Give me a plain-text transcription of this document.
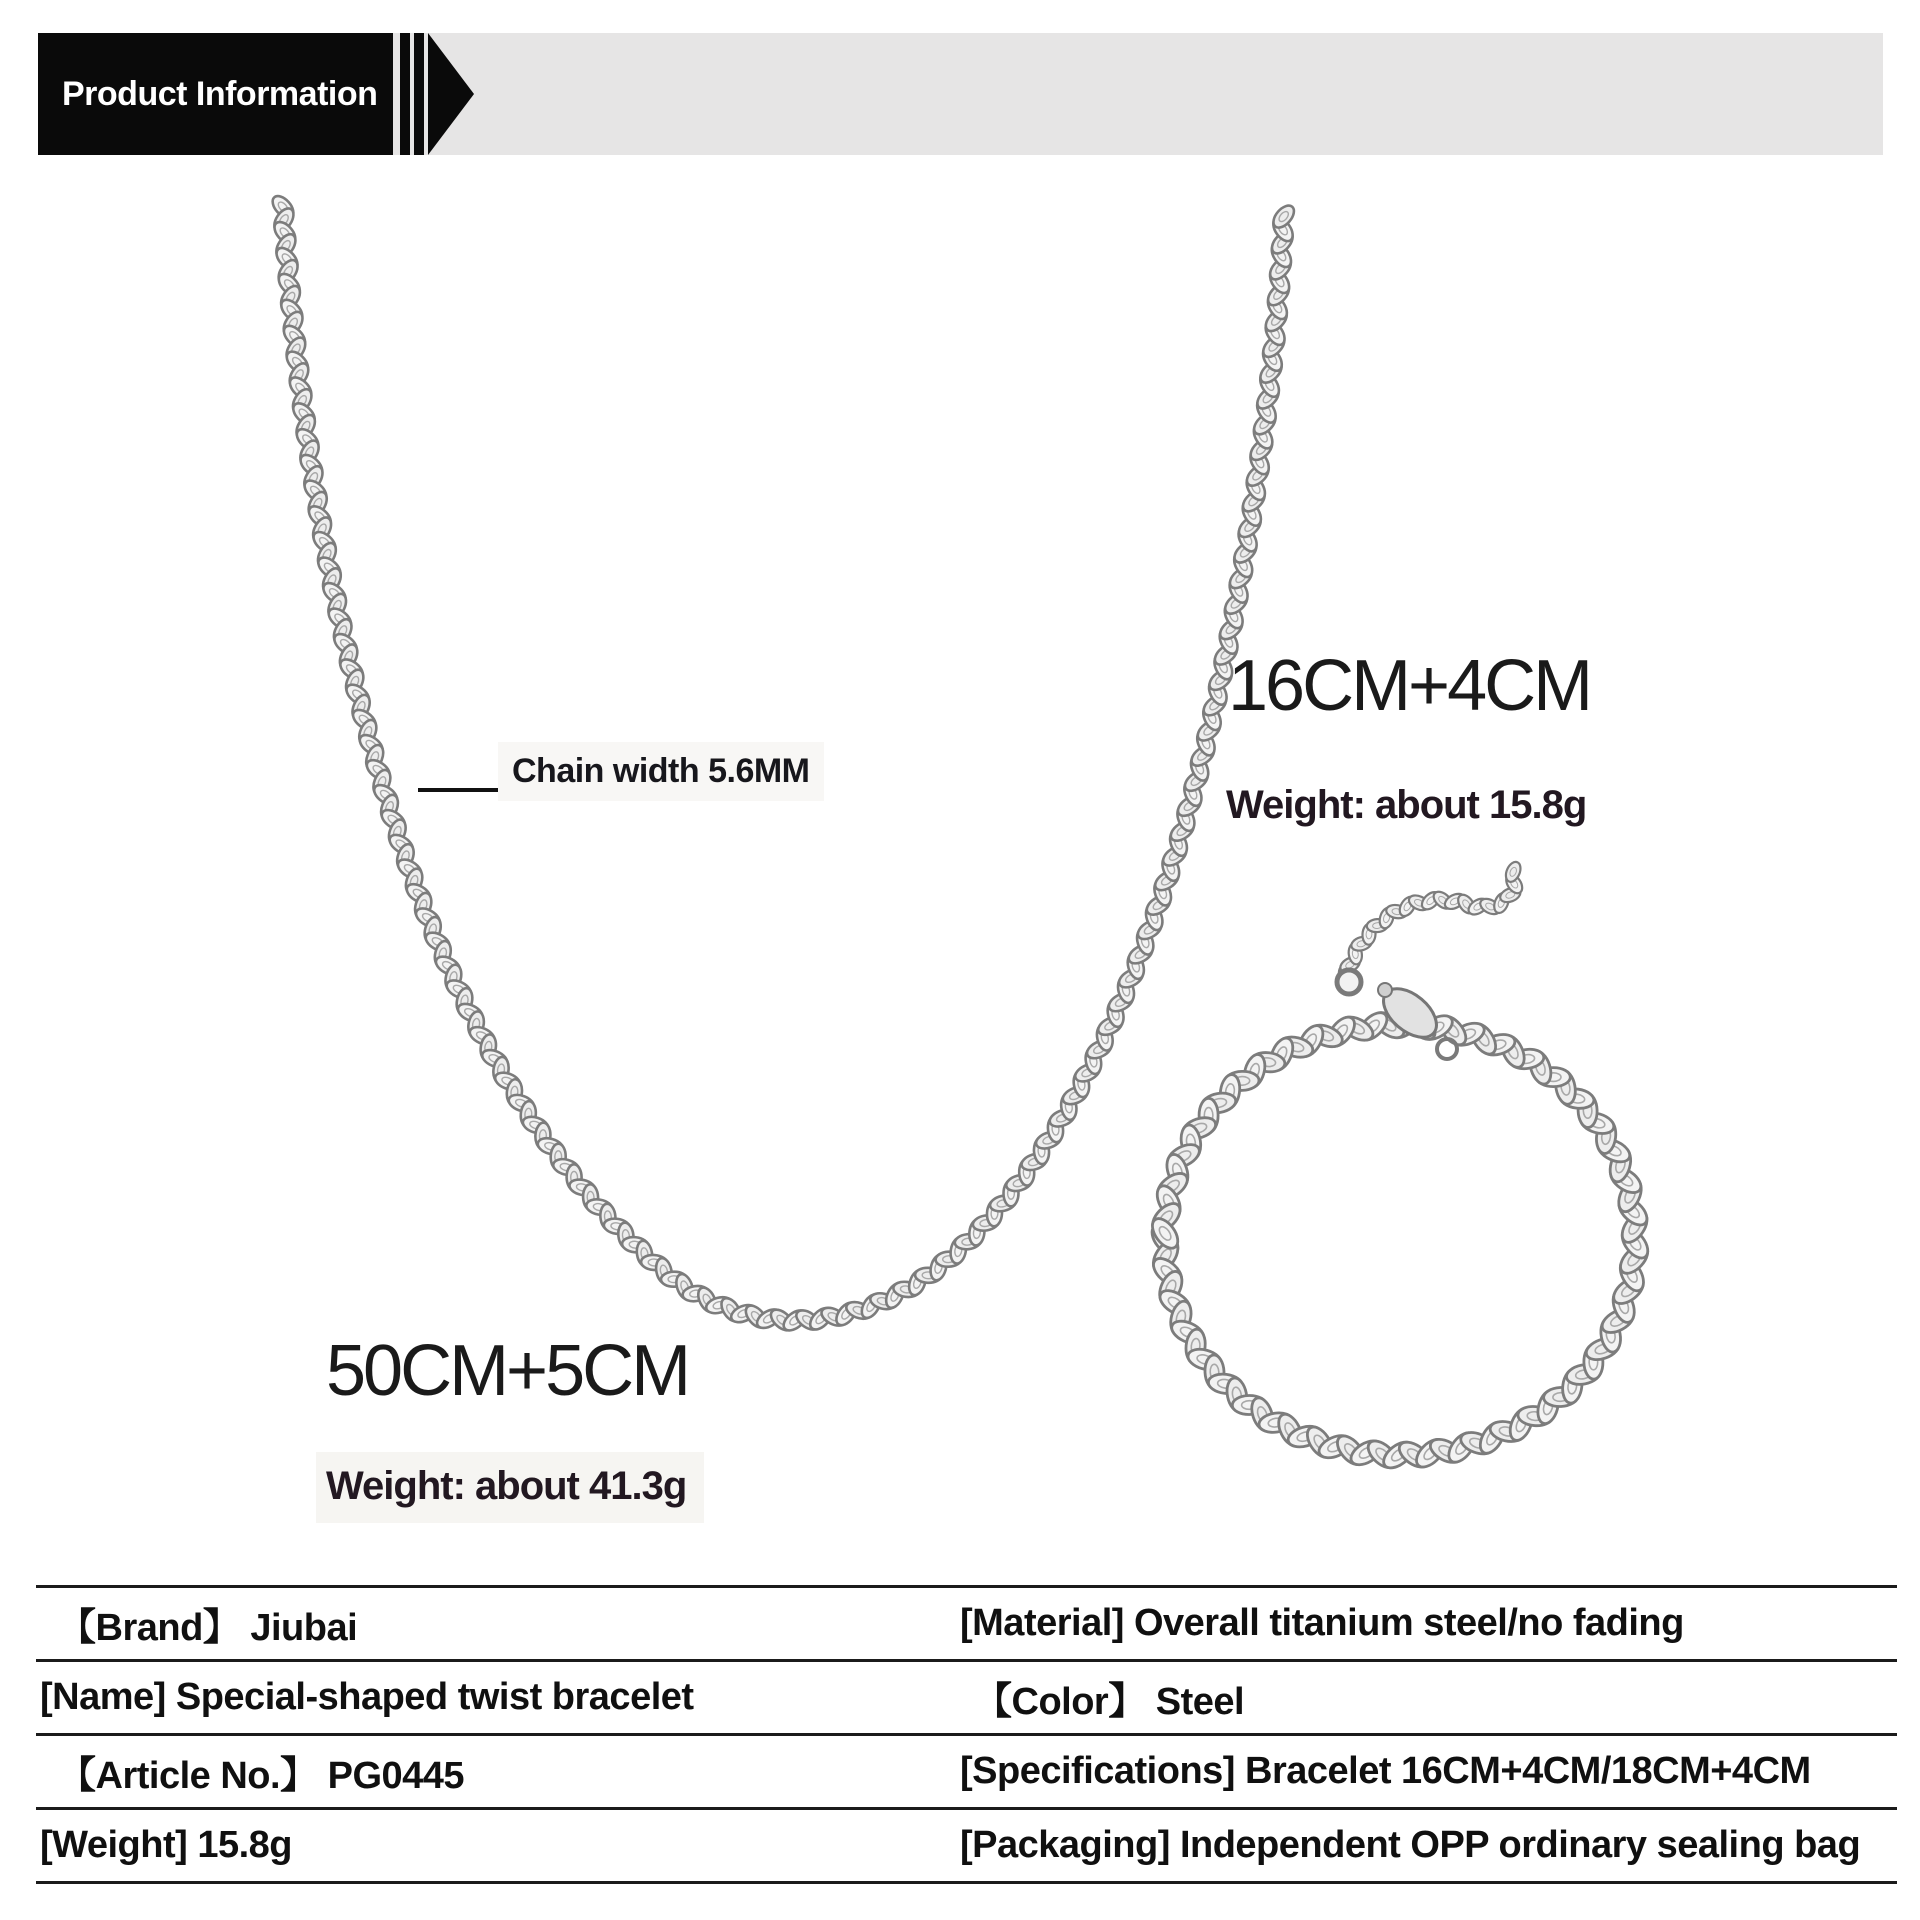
Product Information
Chain width 5.6MM
16CM+4CM
Weight: about 15.8g
50CM+5CM
Weight: about 41.3g
【Brand】 Jiubai	[Material] Overall titanium steel/no fading
[Name] Special-shaped twist bracelet	【Color】 Steel
【Article No.】 PG0445	[Specifications] Bracelet 16CM+4CM/18CM+4CM
[Weight] 15.8g	[Packaging] Independent OPP ordinary sealing bag
